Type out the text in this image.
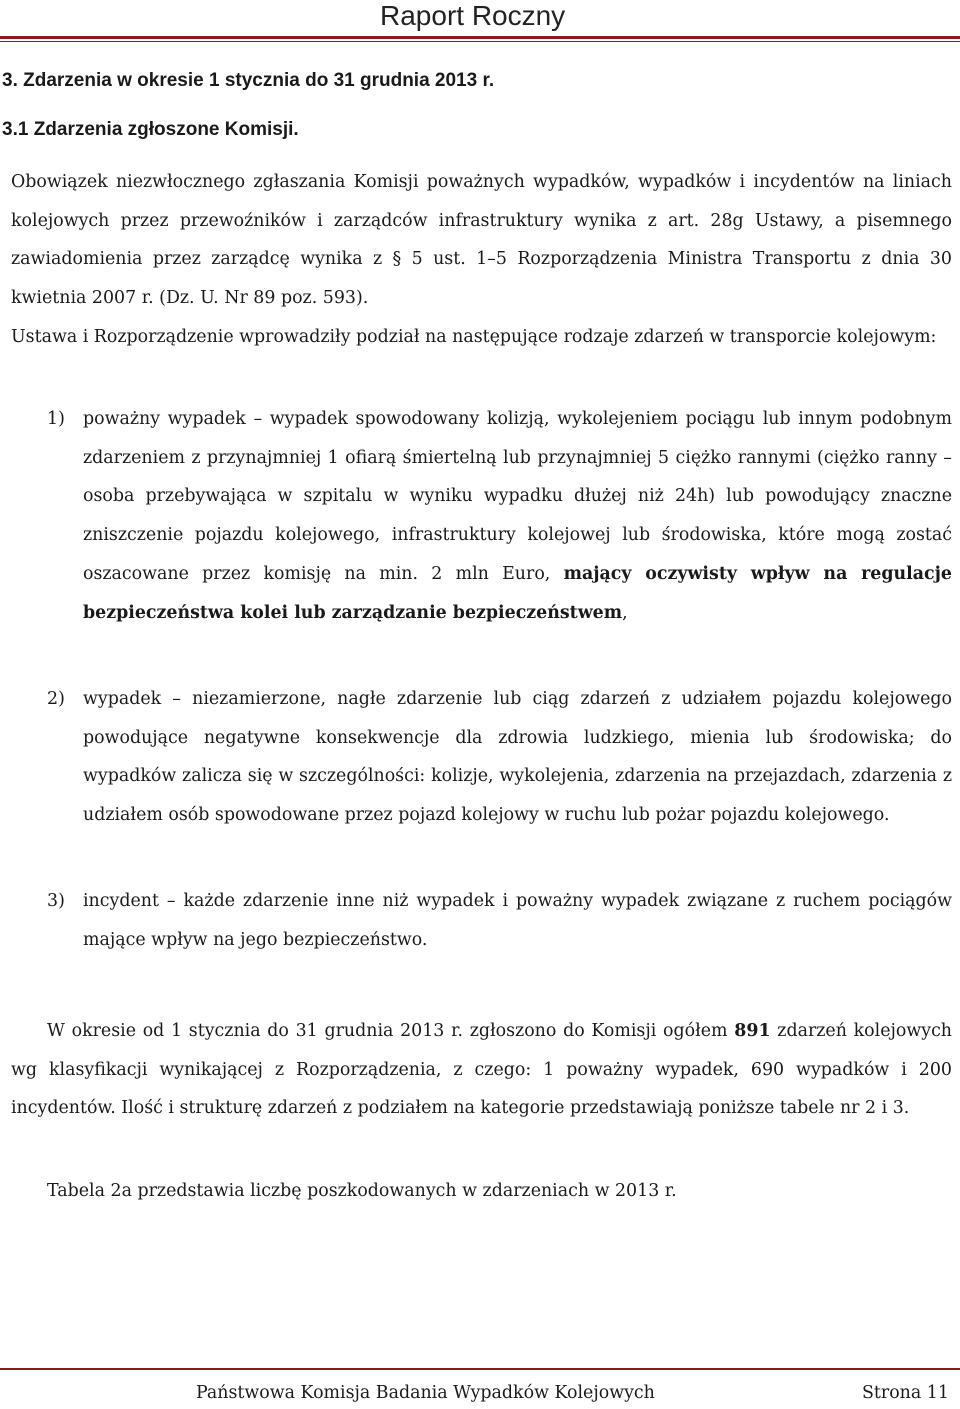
Raport Roczny
3. Zdarzenia w okresie 1 stycznia do 31 grudnia 2013 r.
3.1 Zdarzenia zgłoszone Komisji.

Obowiązek niezwłocznego zgłaszania Komisji poważnych wypadków, wypadków i incydentów na liniach kolejowych przez przewoźników i zarządców infrastruktury wynika z art. 28g Ustawy, a pisemnego zawiadomienia przez zarządcę wynika z § 5 ust. 1–5 Rozporządzenia Ministra Transportu z dnia 30 kwietnia 2007 r. (Dz. U. Nr 89 poz. 593).

Ustawa i Rozporządzenie wprowadziły podział na następujące rodzaje zdarzeń w transporcie kolejowym:

1) poważny wypadek – wypadek spowodowany kolizją, wykolejeniem pociągu lub innym podobnym zdarzeniem z przynajmniej 1 ofiarą śmiertelną lub przynajmniej 5 ciężko rannymi (ciężko ranny – osoba przebywająca w szpitalu w wyniku wypadku dłużej niż 24h) lub powodujący znaczne zniszczenie pojazdu kolejowego, infrastruktury kolejowej lub środowiska, które mogą zostać oszacowane przez komisję na min. 2 mln Euro, mający oczywisty wpływ na regulacje bezpieczeństwa kolei lub zarządzanie bezpieczeństwem,
2) wypadek – niezamierzone, nagłe zdarzenie lub ciąg zdarzeń z udziałem pojazdu kolejowego powodujące negatywne konsekwencje dla zdrowia ludzkiego, mienia lub środowiska; do wypadków zalicza się w szczególności: kolizje, wykolejenia, zdarzenia na przejazdach, zdarzenia z udziałem osób spowodowane przez pojazd kolejowy w ruchu lub pożar pojazdu kolejowego.
3) incydent – każde zdarzenie inne niż wypadek i poważny wypadek związane z ruchem pociągów mające wpływ na jego bezpieczeństwo.

W okresie od 1 stycznia do 31 grudnia 2013 r. zgłoszono do Komisji ogółem 891 zdarzeń kolejowych wg klasyfikacji wynikającej z Rozporządzenia, z czego: 1 poważny wypadek, 690 wypadków i 200 incydentów. Ilość i strukturę zdarzeń z podziałem na kategorie przedstawiają poniższe tabele nr 2 i 3.

Tabela 2a przedstawia liczbę poszkodowanych w zdarzeniach w 2013 r.

Państwowa Komisja Badania Wypadków Kolejowych	Strona 11
